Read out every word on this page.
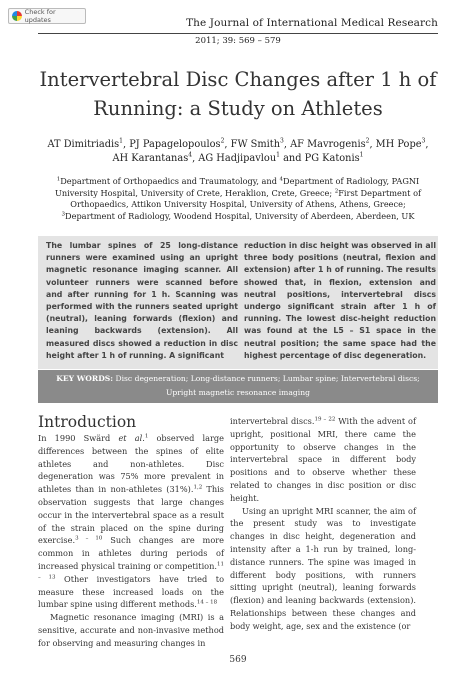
Check for updates	The Journal of International Medical Research
2011; 39: 569 – 579
Intervertebral Disc Changes after 1 h of
Running: a Study on Athletes
AT Dimitriadis$^1$, PJ Papagelopoulos$^2$, FW Smith$^3$, AF Mavrogenis$^2$, MH Pope$^3$,
AH Karantanas$^4$, AG Hadjipavlou$^1$ and PG Katonis$^1$
$^1$Department of Orthopaedics and Traumatology, and $^4$Department of Radiology, PAGNI
University Hospital, University of Crete, Heraklion, Crete, Greece; $^2$First Department of
Orthopaedics, Attikon University Hospital, University of Athens, Athens, Greece;
$^3$Department of Radiology, Woodend Hospital, University of Aberdeen, Aberdeen, UK
The lumbar spines of 25 long-distance runners were examined using an upright magnetic resonance imaging scanner. All volunteer runners were scanned before and after running for 1 h. Scanning was performed with the runners seated upright (neutral), leaning forwards (flexion) and leaning backwards (extension). All measured discs showed a reduction in disc height after 1 h of running. A significant
reduction in disc height was observed in all three body positions (neutral, flexion and extension) after 1 h of running. The results showed that, in flexion, extension and neutral positions, intervertebral discs undergo significant strain after 1 h of running. The lowest disc-height reduction was found at the L5 – S1 space in the neutral position; the same space had the highest percentage of disc degeneration.
KEY WORDS: Disc degeneration; Long-distance runners; Lumbar spine; Intervertebral discs;
Upright magnetic resonance imaging
Introduction

In 1990 Swärd et al.$^1$ observed large differences between the spines of elite athletes and non-athletes. Disc degeneration was 75% more prevalent in athletes than in non-athletes (31%).$^{1,2}$ This observation suggests that large changes occur in the intervertebral space as a result of the strain placed on the spine during exercise.$^{3 - 10}$ Such changes are more common in athletes during periods of increased physical training or competition.$^{11 - 13}$ Other investigators have tried to measure these increased loads on the lumbar spine using different methods.$^{14 - 18}$

Magnetic resonance imaging (MRI) is a sensitive, accurate and non-invasive method for observing and measuring changes in

intervertebral discs.$^{19 - 22}$ With the advent of upright, positional MRI, there came the opportunity to observe changes in the intervertebral space in different body positions and to observe whether these related to changes in disc position or disc height.

Using an upright MRI scanner, the aim of the present study was to investigate changes in disc height, degeneration and intensity after a 1-h run by trained, long-distance runners. The spine was imaged in different body positions, with runners sitting upright (neutral), leaning forwards (flexion) and leaning backwards (extension). Relationships between these changes and body weight, age, sex and the existence (or

569
